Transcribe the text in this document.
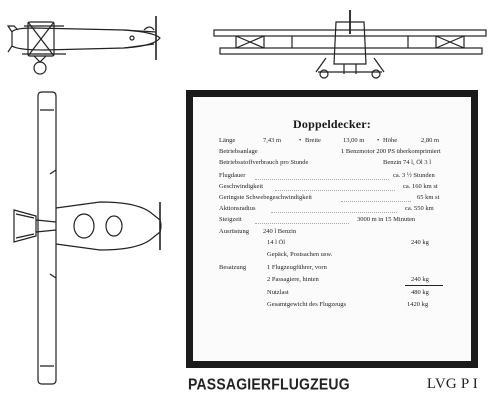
Doppeldecker:
Länge	7,43 m	• Breite	13,00 m • Höhe	2,80 m
Betriebsanlage	1 Benzmotor 200 PS überkomprimiert
Betriebsstoffverbrauch pro Stunde	Benzin 74 l, Öl 3 l
Flugdauer	ca. 3 ½ Stunden
Geschwindigkeit	ca. 160 km st
Geringste Schwebegeschwindigkeit	65 km st
Aktionsradius	ca. 550 km
Steigzeit	3000 m in 15 Minuten
Ausrüstung 240 l Benzin
14 l Öl	240 kg
Gepäck, Postsachen usw.
Besatzung	1 Flugzeugführer, vorn
2 Passagiere, hinten	240 kg
Nutzlast	480 kg
Gesamtgewicht des Flugzeugs	1420 kg
PASSAGIERFLUGZEUG	LVG P I
